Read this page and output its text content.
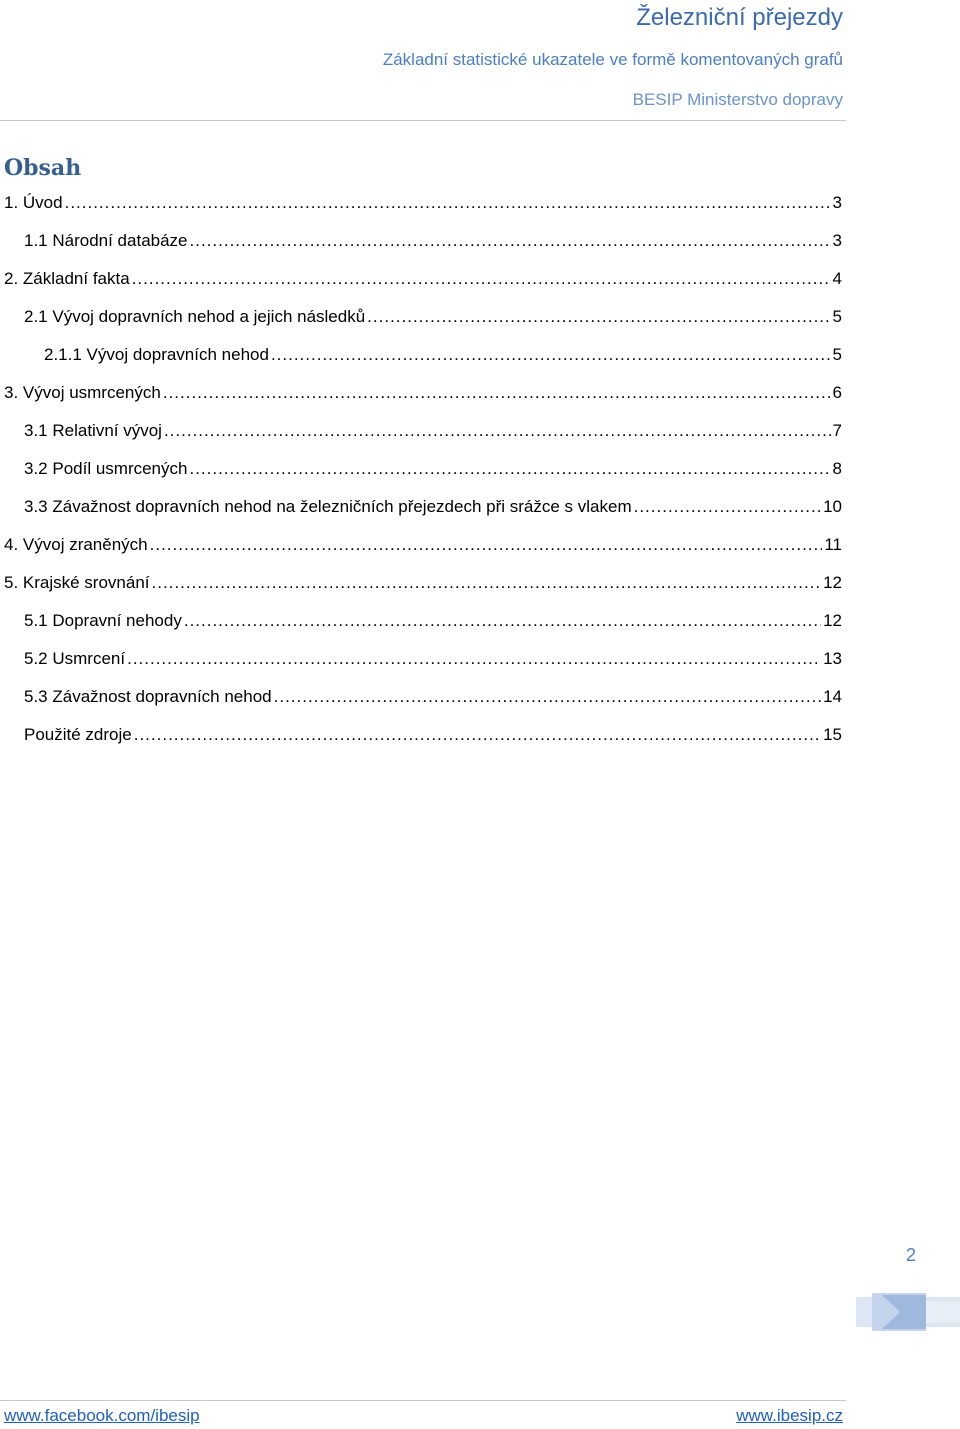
Železniční přejezdy
Základní statistické ukazatele ve formě komentovaných grafů
BESIP Ministerstvo dopravy
Obsah
1. Úvod .....	3
1.1 Národní databáze .....	3
2. Základní fakta .....	4
2.1 Vývoj dopravních nehod a jejich následků .....	5
2.1.1 Vývoj dopravních nehod .....	5
3. Vývoj usmrcených .....	6
3.1 Relativní vývoj .....	7
3.2 Podíl usmrcených .....	8
3.3 Závažnost dopravních nehod na železničních přejezdech při srážce s vlakem .....	10
4. Vývoj zraněných .....	11
5. Krajské srovnání .....	12
5.1 Dopravní nehody .....	12
5.2 Usmrcení .....	13
5.3 Závažnost dopravních nehod .....	14
Použité zdroje .....	15
2
www.facebook.com/ibesip	www.ibesip.cz
